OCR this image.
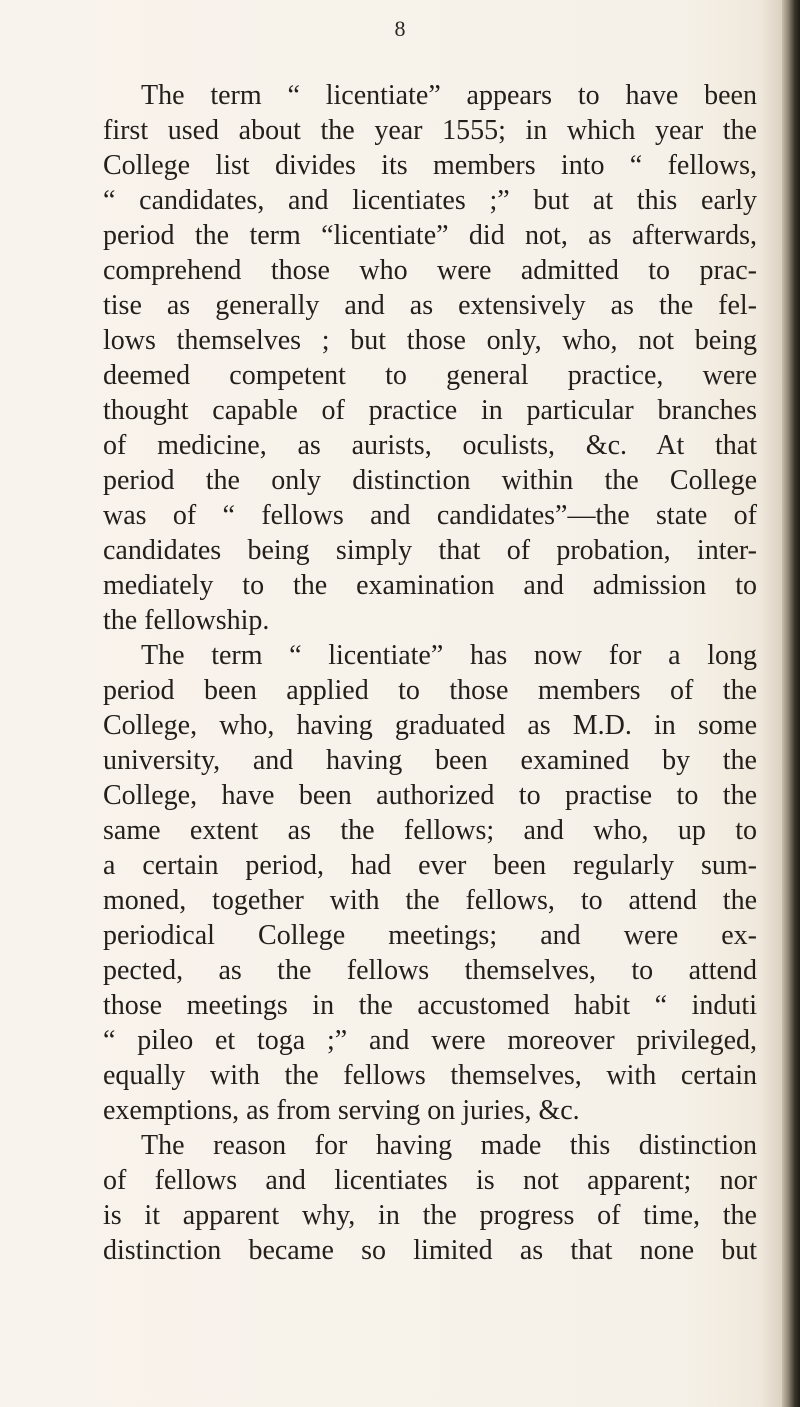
8
The term “ licentiate” appears to have been
first used about the year 1555; in which year the
College list divides its members into “ fellows,
“ candidates, and licentiates ;” but at this early
period the term “licentiate” did not, as afterwards,
comprehend those who were admitted to prac-
tise as generally and as extensively as the fel-
lows themselves ; but those only, who, not being
deemed competent to general practice, were
thought capable of practice in particular branches
of medicine, as aurists, oculists, &c. At that
period the only distinction within the College
was of “ fellows and candidates”—the state of
candidates being simply that of probation, inter-
mediately to the examination and admission to
the fellowship.
The term “ licentiate” has now for a long
period been applied to those members of the
College, who, having graduated as M.D. in some
university, and having been examined by the
College, have been authorized to practise to the
same extent as the fellows; and who, up to
a certain period, had ever been regularly sum-
moned, together with the fellows, to attend the
periodical College meetings; and were ex-
pected, as the fellows themselves, to attend
those meetings in the accustomed habit “ induti
“ pileo et toga ;” and were moreover privileged,
equally with the fellows themselves, with certain
exemptions, as from serving on juries, &c.
The reason for having made this distinction
of fellows and licentiates is not apparent; nor
is it apparent why, in the progress of time, the
distinction became so limited as that none but
